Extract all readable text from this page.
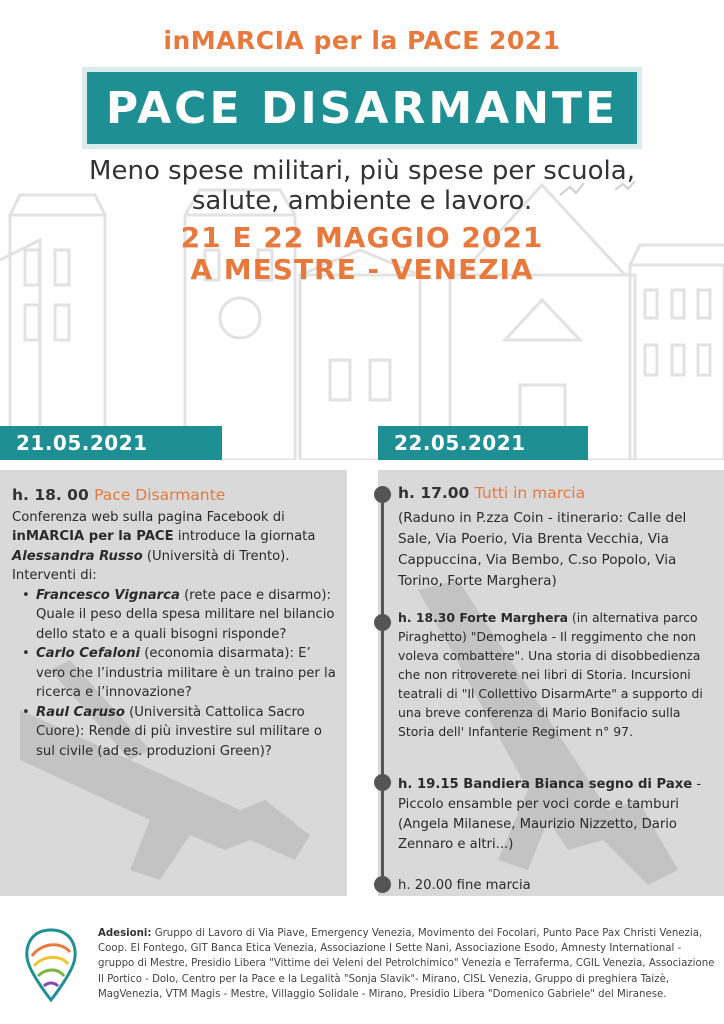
inMARCIA per la PACE 2021
PACE DISARMANTE
Meno spese militari, più spese per scuola,
salute, ambiente e lavoro.
21 E 22 MAGGIO 2021
A MESTRE - VENEZIA
21.05.2021	22.05.2021
h. 18. 00 Pace Disarmante
Conferenza web sulla pagina Facebook di inMARCIA per la PACE introduce la giornata Alessandra Russo (Università di Trento). Interventi di:
• Francesco Vignarca (rete pace e disarmo): Quale il peso della spesa militare nel bilancio dello stato e a quali bisogni risponde?
• Carlo Cefaloni (economia disarmata): E’ vero che l’industria militare è un traino per la ricerca e l’innovazione?
• Raul Caruso (Università Cattolica Sacro Cuore): Rende di più investire sul militare o sul civile (ad es. produzioni Green)?
h. 17.00 Tutti in marcia
(Raduno in P.zza Coin - itinerario: Calle del Sale, Via Poerio, Via Brenta Vecchia, Via Cappuccina, Via Bembo, C.so Popolo, Via Torino, Forte Marghera)
h. 18.30 Forte Marghera (in alternativa parco Piraghetto) "Demoghela - Il reggimento che non voleva combattere". Una storia di disobbedienza che non ritroverete nei libri di Storia. Incursioni teatrali di "Il Collettivo DisarmArte" a supporto di una breve conferenza di Mario Bonifacio sulla Storia dell' Infanterie Regiment n° 97.
h. 19.15 Bandiera Bianca segno di Paxe - Piccolo ensamble per voci corde e tamburi (Angela Milanese, Maurizio Nizzetto, Dario Zennaro e altri...)
h. 20.00 fine marcia
Adesioni: Gruppo di Lavoro di Via Piave, Emergency Venezia, Movimento dei Focolari, Punto Pace Pax Christi Venezia, Coop. El Fontego, GIT Banca Etica Venezia, Associazione I Sette Nani, Associazione Esodo, Amnesty International - gruppo di Mestre, Presidio Libera "Vittime dei Veleni del Petrolchimico" Venezia e Terraferma, CGIL Venezia, Associazione Il Portico - Dolo, Centro per la Pace e la Legalità "Sonja Slavik"- Mirano, CISL Venezia, Gruppo di preghiera Taizè, MagVenezia, VTM Magis - Mestre, Villaggio Solidale - Mirano, Presidio Libera "Domenico Gabriele" del Miranese.
